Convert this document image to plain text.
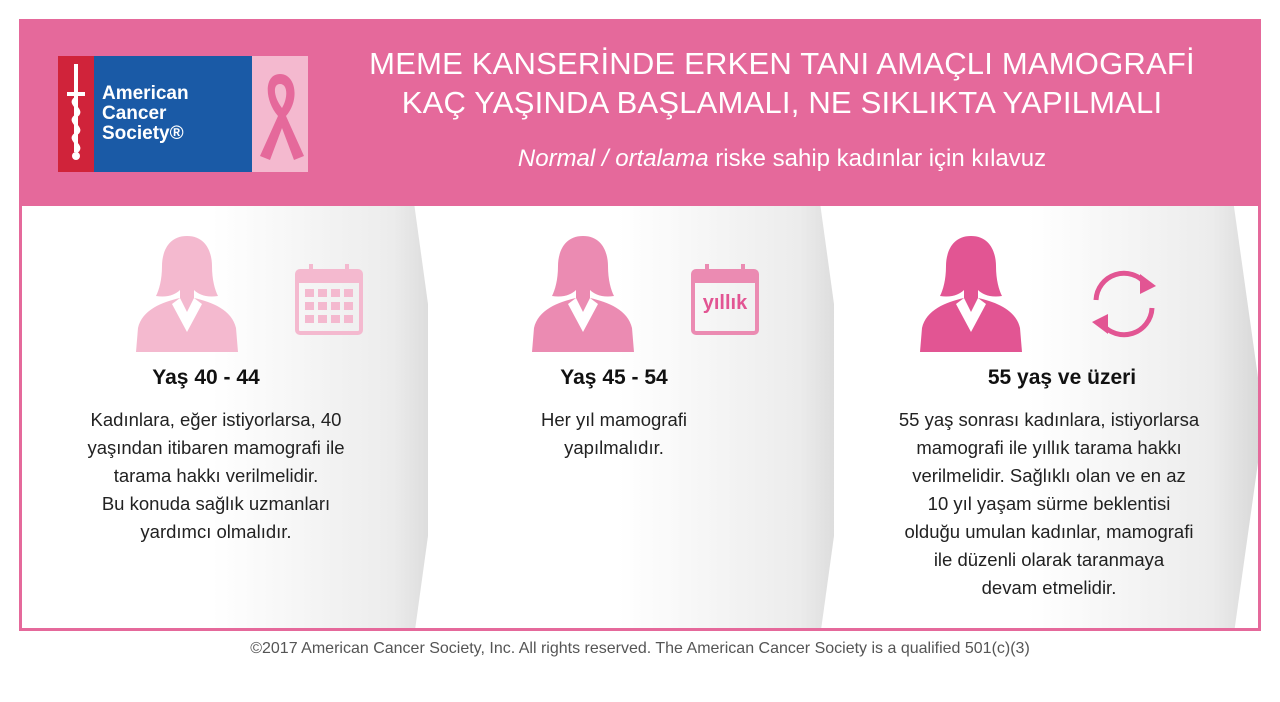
American
Cancer
Society®
MEME KANSERİNDE ERKEN TANI AMAÇLI MAMOGRAFİ
KAÇ YAŞINDA BAŞLAMALI, NE SIKLIKTA YAPILMALI
Normal / ortalama riske sahip kadınlar için kılavuz
Yaş 40 - 44
Kadınlara, eğer istiyorlarsa, 40
yaşından itibaren mamografi ile
tarama hakkı verilmelidir.
Bu konuda sağlık uzmanları
yardımcı olmalıdır.
yıllık
Yaş 45 - 54
Her yıl mamografi
yapılmalıdır.
55 yaş ve üzeri
55 yaş sonrası kadınlara, istiyorlarsa
mamografi ile yıllık tarama hakkı
verilmelidir. Sağlıklı olan ve en az
10 yıl yaşam sürme beklentisi
olduğu umulan kadınlar, mamografi
ile düzenli olarak taranmaya
devam etmelidir.
©2017 American Cancer Society, Inc. All rights reserved. The American Cancer Society is a qualified 501(c)(3)
